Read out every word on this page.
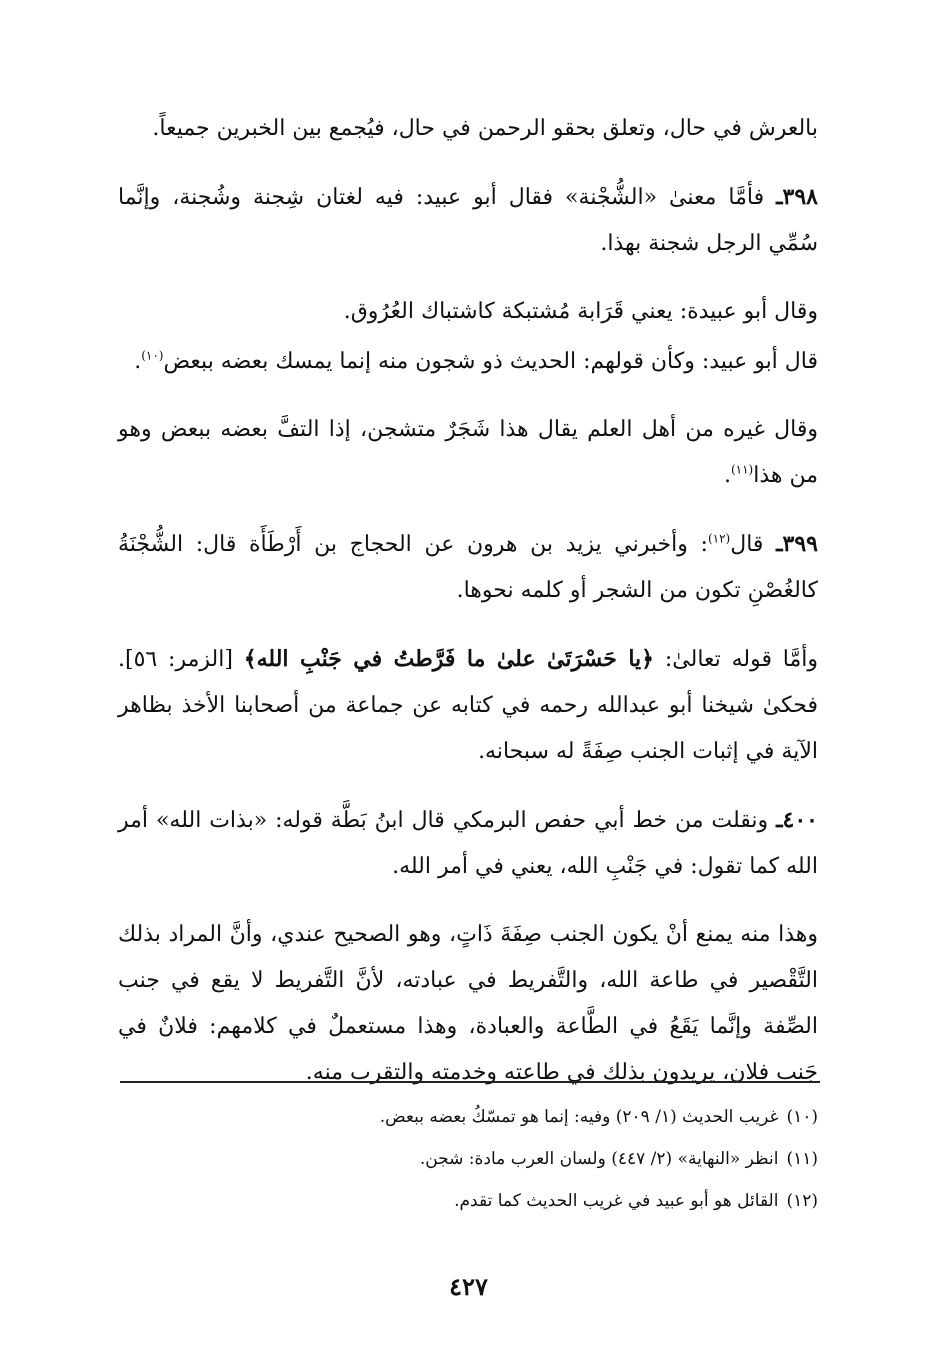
بالعرش في حال، وتعلق بحقو الرحمن في حال، فيُجمع بين الخبرين جميعاً.

٣٩٨ـ فأمَّا معنىٰ «الشُّجْنة» فقال أبو عبيد: فيه لغتان شِجنة وشُجنة، وإنَّما سُمِّي الرجل شجنة بهذا.

وقال أبو عبيدة: يعني قَرَابة مُشتبكة كاشتباك العُرُوق.

قال أبو عبيد: وكأن قولهم: الحديث ذو شجون منه إنما يمسك بعضه ببعض$^{(١٠)}$.

وقال غيره من أهل العلم يقال هذا شَجَرٌ متشجن، إذا التفَّ بعضه ببعض وهو من هذا$^{(١١)}$.

٣٩٩ـ قال$^{(١٢)}$: وأخبرني يزيد بن هرون عن الحجاج بن أَرْطَأَة قال: الشُّجْنَةُ كالغُصْنِ تكون من الشجر أو كلمه نحوها.

وأمَّا قوله تعالىٰ: ﴿يا حَسْرَتَىٰ علىٰ ما فَرَّطتُ في جَنْبِ الله﴾ [الزمر: ٥٦]. فحكىٰ شيخنا أبو عبدالله رحمه في كتابه عن جماعة من أصحابنا الأخذ بظاهر الآية في إثبات الجنب صِفَةً له سبحانه.

٤٠٠ـ ونقلت من خط أبي حفص البرمكي قال ابنُ بَطَّة قوله: «بذات الله» أمر الله كما تقول: في جَنْبِ الله، يعني في أمر الله.

وهذا منه يمنع أنْ يكون الجنب صِفَةَ ذَاتٍ، وهو الصحيح عندي، وأنَّ المراد بذلك التَّقْصير في طاعة الله، والتَّفريط في عبادته، لأنَّ التَّفريط لا يقع في جنب الصِّفة وإنَّما يَقَعُ في الطَّاعة والعبادة، وهذا مستعملٌ في كلامهم: فلانٌ في جَنب فلان، يريدون بذلك في طاعته وخدمته والتقرب منه.

(١٠)غريب الحديث (١/ ٢٠٩) وفيه: إنما هو تمسّكُ بعضه ببعض.

(١١)انظر «النهاية» (٢/ ٤٤٧) ولسان العرب مادة: شجن.

(١٢)القائل هو أبو عبيد في غريب الحديث كما تقدم.

٤٢٧
